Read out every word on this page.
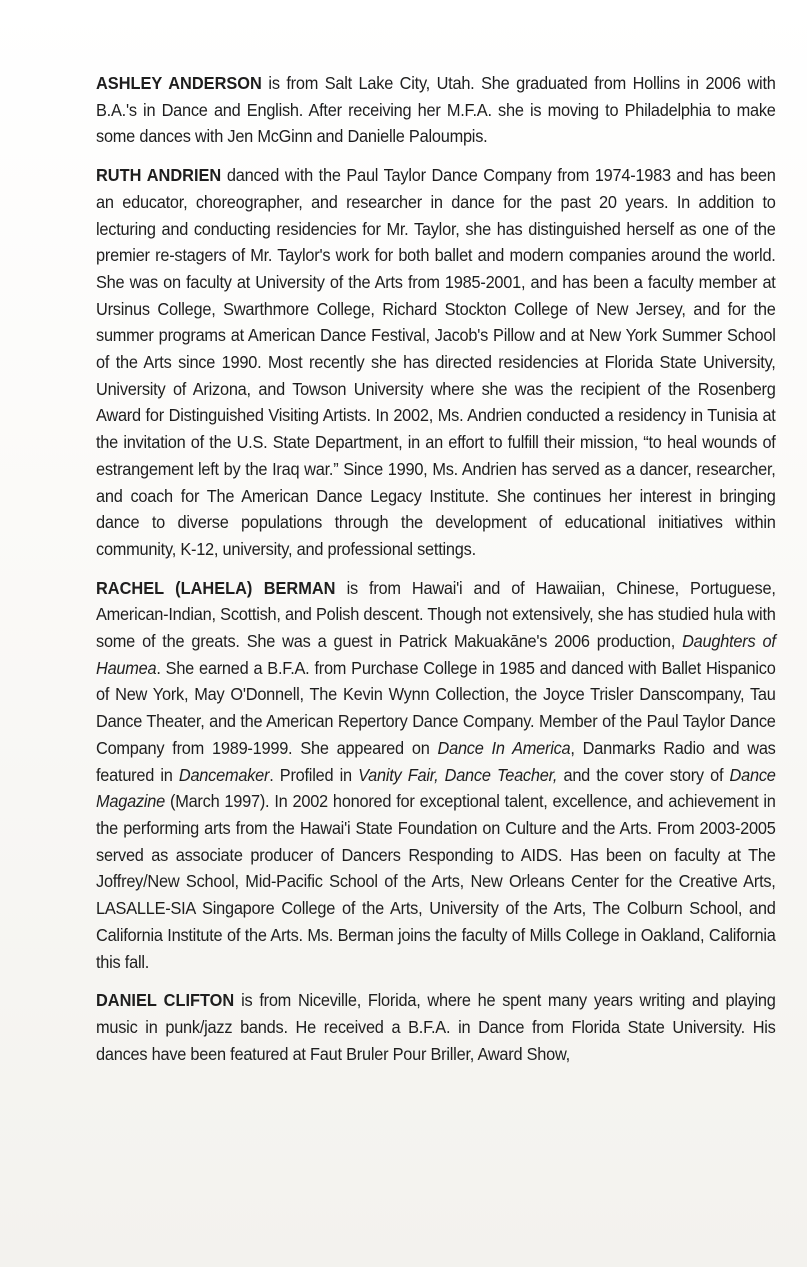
ASHLEY ANDERSON is from Salt Lake City, Utah. She graduated from Hollins in 2006 with B.A.'s in Dance and English. After receiving her M.F.A. she is moving to Philadelphia to make some dances with Jen McGinn and Danielle Paloumpis.

RUTH ANDRIEN danced with the Paul Taylor Dance Company from 1974-1983 and has been an educator, choreographer, and researcher in dance for the past 20 years. In addition to lecturing and conducting residencies for Mr. Taylor, she has distinguished herself as one of the premier re-stagers of Mr. Taylor's work for both ballet and modern companies around the world. She was on faculty at University of the Arts from 1985-2001, and has been a faculty member at Ursinus College, Swarthmore College, Richard Stockton College of New Jersey, and for the summer programs at American Dance Festival, Jacob's Pillow and at New York Summer School of the Arts since 1990. Most recently she has directed residencies at Florida State University, University of Arizona, and Towson University where she was the recipient of the Rosenberg Award for Distinguished Visiting Artists. In 2002, Ms. Andrien conducted a residency in Tunisia at the invitation of the U.S. State Department, in an effort to fulfill their mission, “to heal wounds of estrangement left by the Iraq war.” Since 1990, Ms. Andrien has served as a dancer, researcher, and coach for The American Dance Legacy Institute. She continues her interest in bringing dance to diverse populations through the development of educational initiatives within community, K-12, university, and professional settings.

RACHEL (LAHELA) BERMAN is from Hawai'i and of Hawaiian, Chinese, Portuguese, American-Indian, Scottish, and Polish descent. Though not extensively, she has studied hula with some of the greats. She was a guest in Patrick Makuakāne's 2006 production, Daughters of Haumea. She earned a B.F.A. from Purchase College in 1985 and danced with Ballet Hispanico of New York, May O'Donnell, The Kevin Wynn Collection, the Joyce Trisler Danscompany, Tau Dance Theater, and the American Repertory Dance Company. Member of the Paul Taylor Dance Company from 1989-1999. She appeared on Dance In America, Danmarks Radio and was featured in Dancemaker. Profiled in Vanity Fair, Dance Teacher, and the cover story of Dance Magazine (March 1997). In 2002 honored for exceptional talent, excellence, and achievement in the performing arts from the Hawai'i State Foundation on Culture and the Arts. From 2003-2005 served as associate producer of Dancers Responding to AIDS. Has been on faculty at The Joffrey/New School, Mid-Pacific School of the Arts, New Orleans Center for the Creative Arts, LASALLE-SIA Singapore College of the Arts, University of the Arts, The Colburn School, and California Institute of the Arts. Ms. Berman joins the faculty of Mills College in Oakland, California this fall.

DANIEL CLIFTON is from Niceville, Florida, where he spent many years writing and playing music in punk/jazz bands. He received a B.F.A. in Dance from Florida State University. His dances have been featured at Faut Bruler Pour Briller, Award Show,
